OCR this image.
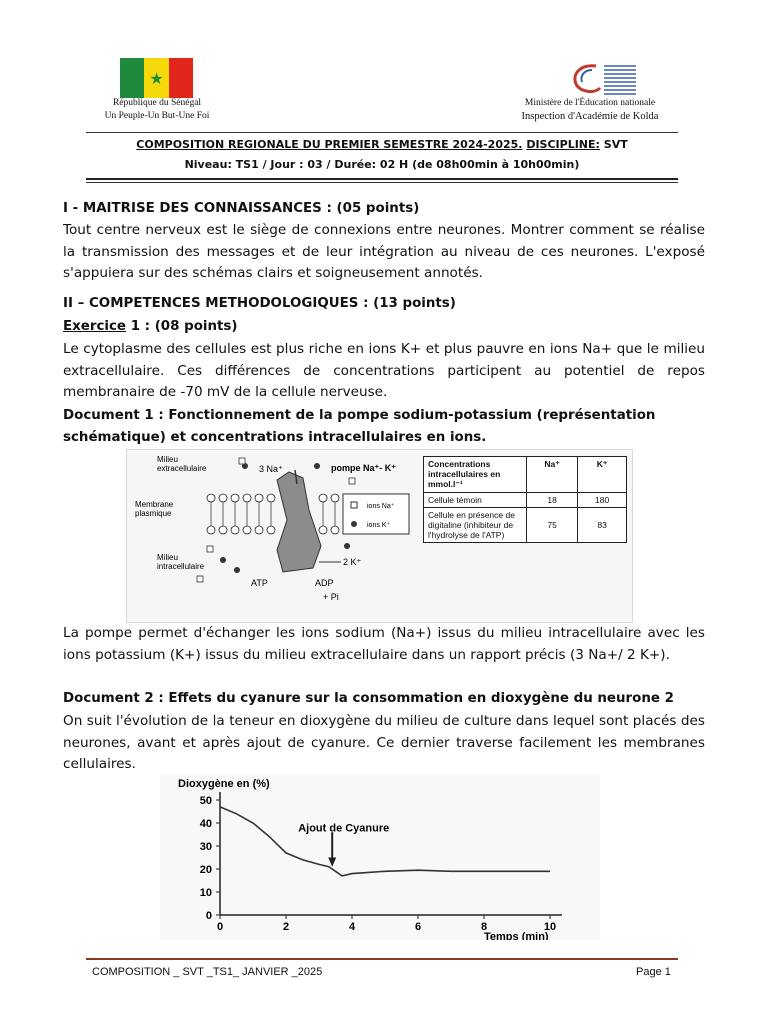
★
République du Sénégal
Un Peuple-Un But-Une Foi
Ministère de l'Éducation nationale
Inspection d'Académie de Kolda
COMPOSITION REGIONALE DU PREMIER SEMESTRE 2024-2025. DISCIPLINE: SVT
Niveau: TS1 / Jour : 03 / Durée: 02 H (de 08h00min à 10h00min)
I - MAITRISE DES CONNAISSANCES : (05 points)
Tout centre nerveux est le siège de connexions entre neurones. Montrer comment se réalise la transmission des messages et de leur intégration au niveau de ces neurones. L'exposé s'appuiera sur des schémas clairs et soigneusement annotés.
II – COMPETENCES METHODOLOGIQUES : (13 points)
Exercice 1 : (08 points)
Le cytoplasme des cellules est plus riche en ions K+ et plus pauvre en ions Na+ que le milieu extracellulaire. Ces différences de concentrations participent au potentiel de repos membranaire de -70 mV de la cellule nerveuse.
Document 1 : Fonctionnement de la pompe sodium-potassium (représentation schématique) et concentrations intracellulaires en ions.
Milieu
extracellulaire
Membrane
plasmique
Milieu
intracellulaire
3 Na⁺	pompe Na⁺- K⁺
2 K⁺
ATP	ADP
+ Pi
ions Na⁺
ions K⁺
Concentrations intracellulaires en mmol.l⁻¹	Na⁺	K⁺
Cellule témoin	18	180
Cellule en présence de digitaline (inhibiteur de l'hydrolyse de l'ATP)	75	83
La pompe permet d'échanger les ions sodium (Na+) issus du milieu intracellulaire avec les ions potassium (K+) issus du milieu extracellulaire dans un rapport précis (3 Na+/ 2 K+).
Document 2 : Effets du cyanure sur la consommation en dioxygène du neurone 2
On suit l'évolution de la teneur en dioxygène du milieu de culture dans lequel sont placés des neurones, avant et après ajout de cyanure. Ce dernier traverse facilement les membranes cellulaires.
0
10
20
30
40
50
0	2	4	6	8	10
Dioxygène en (%)
Temps (min)
Ajout de Cyanure
COMPOSITION _ SVT _TS1_ JANVIER _2025	Page 1
